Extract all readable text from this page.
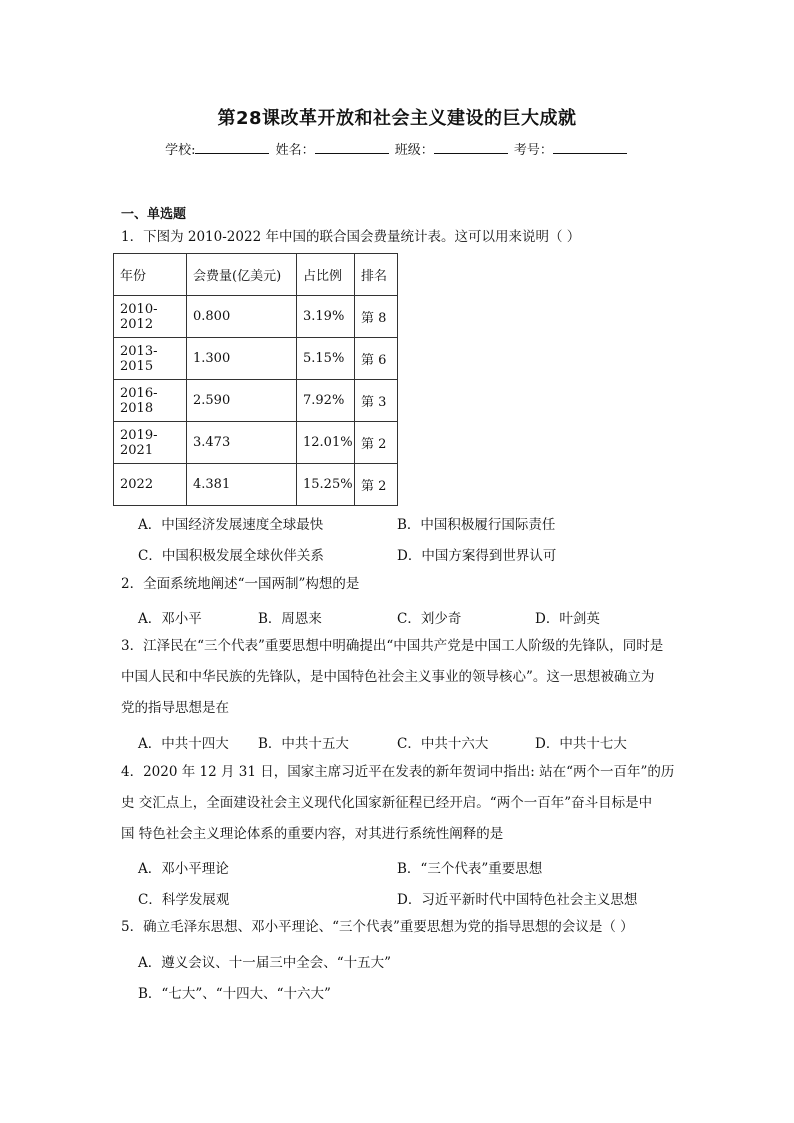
第28课改革开放和社会主义建设的巨大成就
学校:	姓名：	班级：	考号：
一、单选题
1．下图为 2010-2022 年中国的联合国会费量统计表。这可以用来说明（ ）
年份	会费量(亿美元)	占比例	排名
2010-2012	0.800	3.19%	第 8
2013-2015	1.300	5.15%	第 6
2016-2018	2.590	7.92%	第 3
2019-2021	3.473	12.01%	第 2
2022	4.381	15.25%	第 2
A．中国经济发展速度全球最快	B．中国积极履行国际责任
C．中国积极发展全球伙伴关系	D．中国方案得到世界认可
2．全面系统地阐述“一国两制”构想的是
A．邓小平	B．周恩来	C．刘少奇	D．叶剑英
3．江泽民在“三个代表”重要思想中明确提出“中国共产党是中国工人阶级的先锋队，同时是
中国人民和中华民族的先锋队，是中国特色社会主义事业的领导核心”。这一思想被确立为
党的指导思想是在
A．中共十四大 B．中共十五大	C．中共十六大	D．中共十七大
4．2020 年 12 月 31 日，国家主席习近平在发表的新年贺词中指出: 站在“两个一百年”的历
史 交汇点上，全面建设社会主义现代化国家新征程已经开启。“两个一百年”奋斗目标是中
国 特色社会主义理论体系的重要内容，对其进行系统性阐释的是
A．邓小平理论	B．“三个代表”重要思想
C．科学发展观	D．习近平新时代中国特色社会主义思想
5．确立毛泽东思想、邓小平理论、“三个代表”重要思想为党的指导思想的会议是（ ）
A．遵义会议、十一届三中全会、“十五大”
B．“七大”、“十四大、“十六大”
